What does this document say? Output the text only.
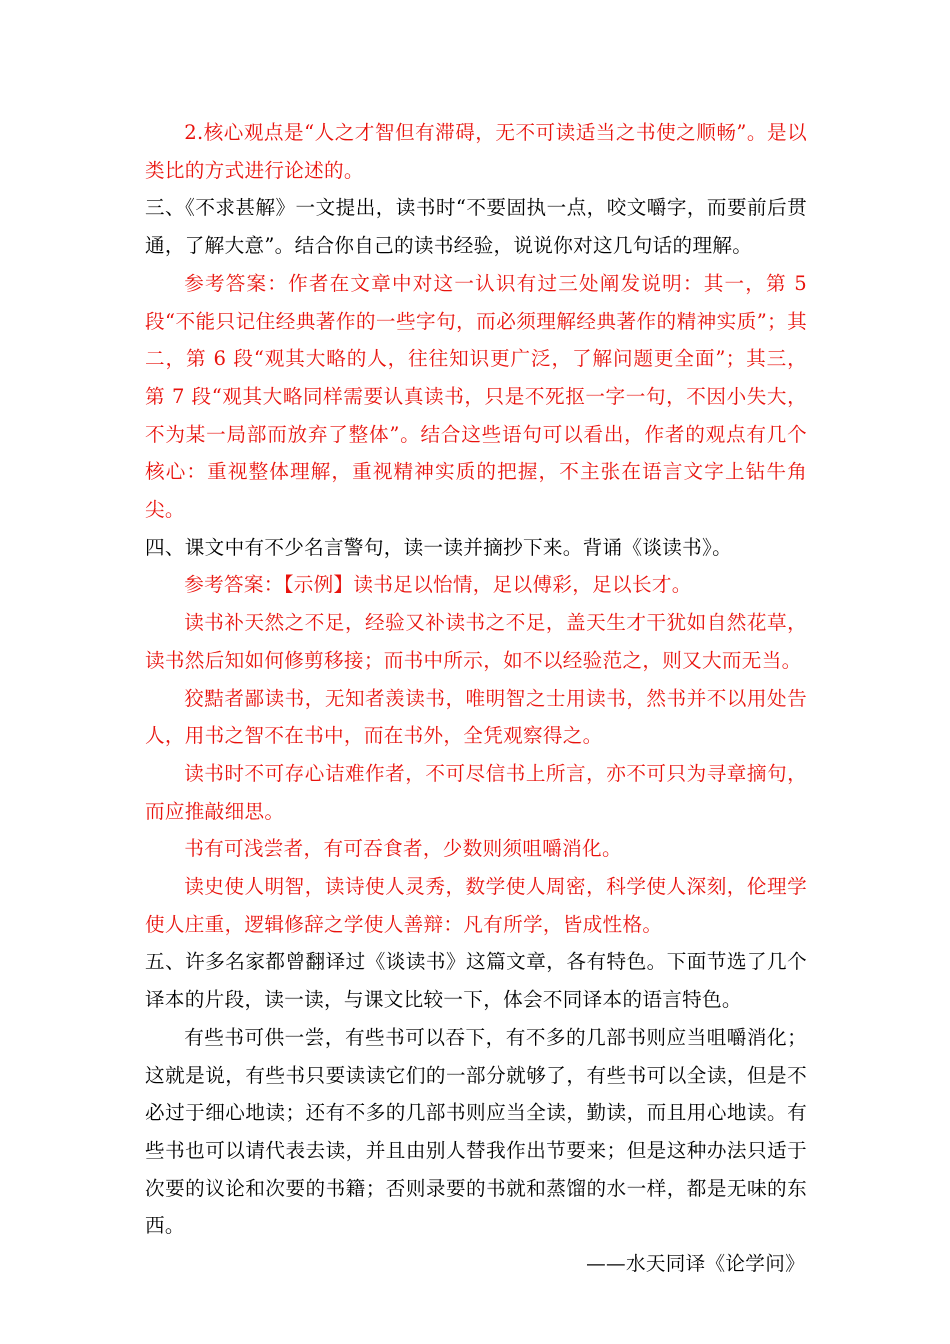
2.核心观点是“人之才智但有滞碍，无不可读适当之书使之顺畅”。是以类比的方式进行论述的。

三、《不求甚解》一文提出，读书时“不要固执一点，咬文嚼字，而要前后贯通，了解大意”。结合你自己的读书经验，说说你对这几句话的理解。

参考答案：作者在文章中对这一认识有过三处阐发说明：其一，第 5 段“不能只记住经典著作的一些字句，而必须理解经典著作的精神实质”；其二，第 6 段“观其大略的人，往往知识更广泛，了解问题更全面”；其三，第 7 段“观其大略同样需要认真读书，只是不死抠一字一句，不因小失大，不为某一局部而放弃了整体”。结合这些语句可以看出，作者的观点有几个核心：重视整体理解，重视精神实质的把握，不主张在语言文字上钻牛角尖。

四、课文中有不少名言警句，读一读并摘抄下来。背诵《谈读书》。

参考答案：【示例】读书足以怡情，足以傅彩，足以长才。

读书补天然之不足，经验又补读书之不足，盖天生才干犹如自然花草，读书然后知如何修剪移接；而书中所示，如不以经验范之，则又大而无当。

狡黠者鄙读书，无知者羡读书，唯明智之士用读书，然书并不以用处告人，用书之智不在书中，而在书外，全凭观察得之。

读书时不可存心诘难作者，不可尽信书上所言，亦不可只为寻章摘句，而应推敲细思。

书有可浅尝者，有可吞食者，少数则须咀嚼消化。

读史使人明智，读诗使人灵秀，数学使人周密，科学使人深刻，伦理学使人庄重，逻辑修辞之学使人善辩：凡有所学，皆成性格。

五、许多名家都曾翻译过《谈读书》这篇文章，各有特色。下面节选了几个译本的片段，读一读，与课文比较一下，体会不同译本的语言特色。

有些书可供一尝，有些书可以吞下，有不多的几部书则应当咀嚼消化；这就是说，有些书只要读读它们的一部分就够了，有些书可以全读，但是不必过于细心地读；还有不多的几部书则应当全读，勤读，而且用心地读。有些书也可以请代表去读，并且由别人替我作出节要来；但是这种办法只适于次要的议论和次要的书籍；否则录要的书就和蒸馏的水一样，都是无味的东西。

——水天同译《论学问》
